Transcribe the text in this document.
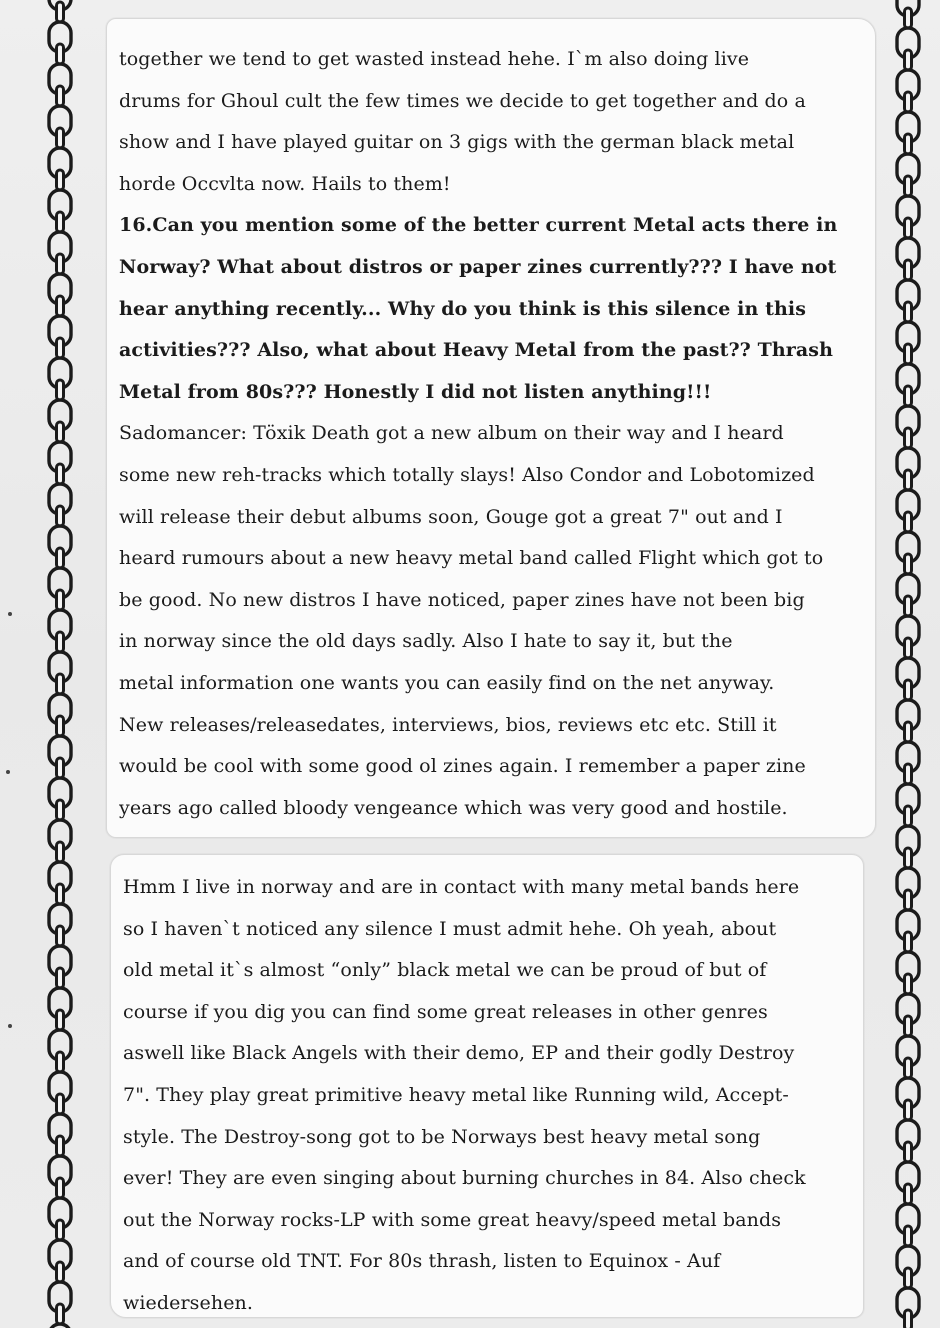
together we tend to get wasted instead hehe. I`m also doing live
drums for Ghoul cult the few times we decide to get together and do a
show and I have played guitar on 3 gigs with the german black metal
horde Occvlta now. Hails to them!
16.Can you mention some of the better current Metal acts there in
Norway? What about distros or paper zines currently??? I have not
hear anything recently... Why do you think is this silence in this
activities??? Also, what about Heavy Metal from the past?? Thrash
Metal from 80s??? Honestly I did not listen anything!!!
Sadomancer: Töxik Death got a new album on their way and I heard
some new reh-tracks which totally slays! Also Condor and Lobotomized
will release their debut albums soon, Gouge got a great 7" out and I
heard rumours about a new heavy metal band called Flight which got to
be good. No new distros I have noticed, paper zines have not been big
in norway since the old days sadly. Also I hate to say it, but the
metal information one wants you can easily find on the net anyway.
New releases/releasedates, interviews, bios, reviews etc etc. Still it
would be cool with some good ol zines again. I remember a paper zine
years ago called bloody vengeance which was very good and hostile.
Hmm I live in norway and are in contact with many metal bands here
so I haven`t noticed any silence I must admit hehe. Oh yeah, about
old metal it`s almost “only” black metal we can be proud of but of
course if you dig you can find some great releases in other genres
aswell like Black Angels with their demo, EP and their godly Destroy
7". They play great primitive heavy metal like Running wild, Accept-
style. The Destroy-song got to be Norways best heavy metal song
ever! They are even singing about burning churches in 84. Also check
out the Norway rocks-LP with some great heavy/speed metal bands
and of course old TNT. For 80s thrash, listen to Equinox - Auf
wiedersehen.
